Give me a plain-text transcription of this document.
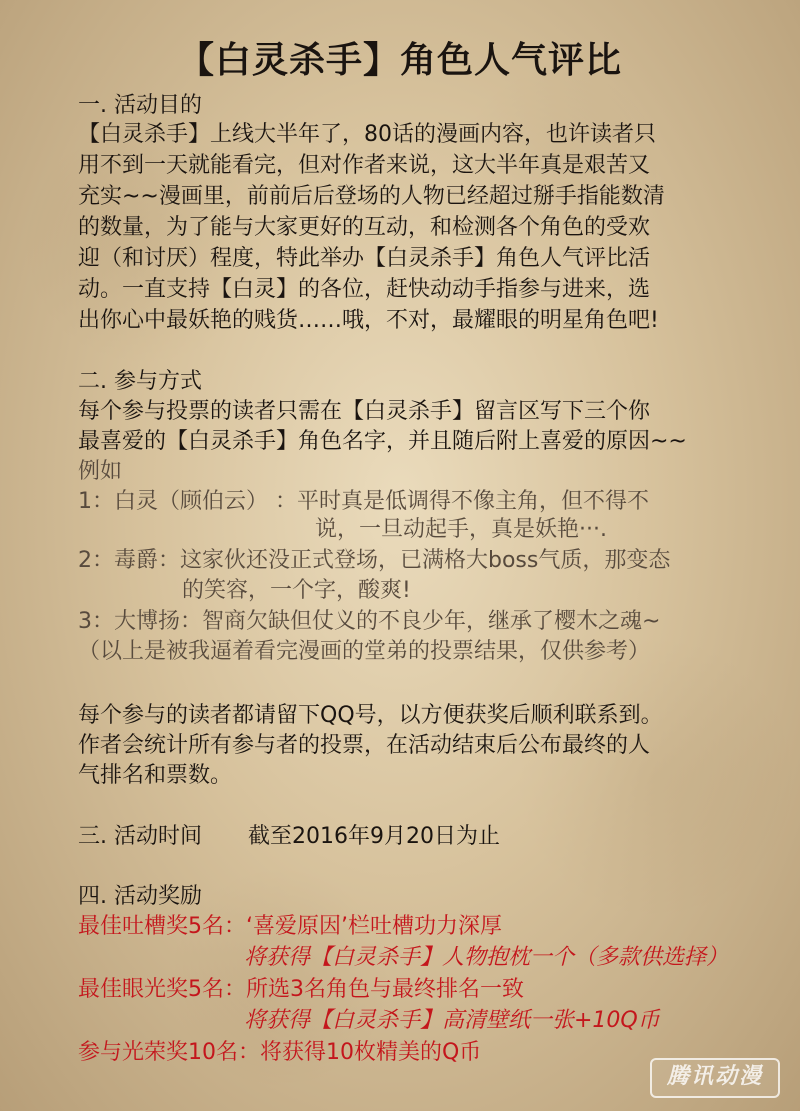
【白灵杀手】角色人气评比
一. 活动目的
【白灵杀手】上线大半年了，80话的漫画内容，也许读者只
用不到一天就能看完，但对作者来说，这大半年真是艰苦又
充实~~漫画里，前前后后登场的人物已经超过掰手指能数清
的数量，为了能与大家更好的互动，和检测各个角色的受欢
迎（和讨厌）程度，特此举办【白灵杀手】角色人气评比活
动。一直支持【白灵】的各位，赶快动动手指参与进来，选
出你心中最妖艳的贱货……哦，不对，最耀眼的明星角色吧!
二. 参与方式
每个参与投票的读者只需在【白灵杀手】留言区写下三个你
最喜爱的【白灵杀手】角色名字，并且随后附上喜爱的原因~~
例如
1：白灵（顾伯云） ：平时真是低调得不像主角，但不得不
说，一旦动起手，真是妖艳···.
2：毒爵：这家伙还没正式登场，已满格大boss气质，那变态
的笑容，一个字，酸爽!
3：大博扬：智商欠缺但仗义的不良少年，继承了樱木之魂~
（以上是被我逼着看完漫画的堂弟的投票结果，仅供参考）
每个参与的读者都请留下QQ号，以方便获奖后顺利联系到。
作者会统计所有参与者的投票，在活动结束后公布最终的人
气排名和票数。
三. 活动时间 截至2016年9月20日为止
四. 活动奖励
最佳吐槽奖5名：‘喜爱原因’栏吐槽功力深厚
将获得【白灵杀手】人物抱枕一个（多款供选择）
最佳眼光奖5名：所选3名角色与最终排名一致
将获得【白灵杀手】高清壁纸一张+10Q币
参与光荣奖10名：将获得10枚精美的Q币
腾讯动漫
